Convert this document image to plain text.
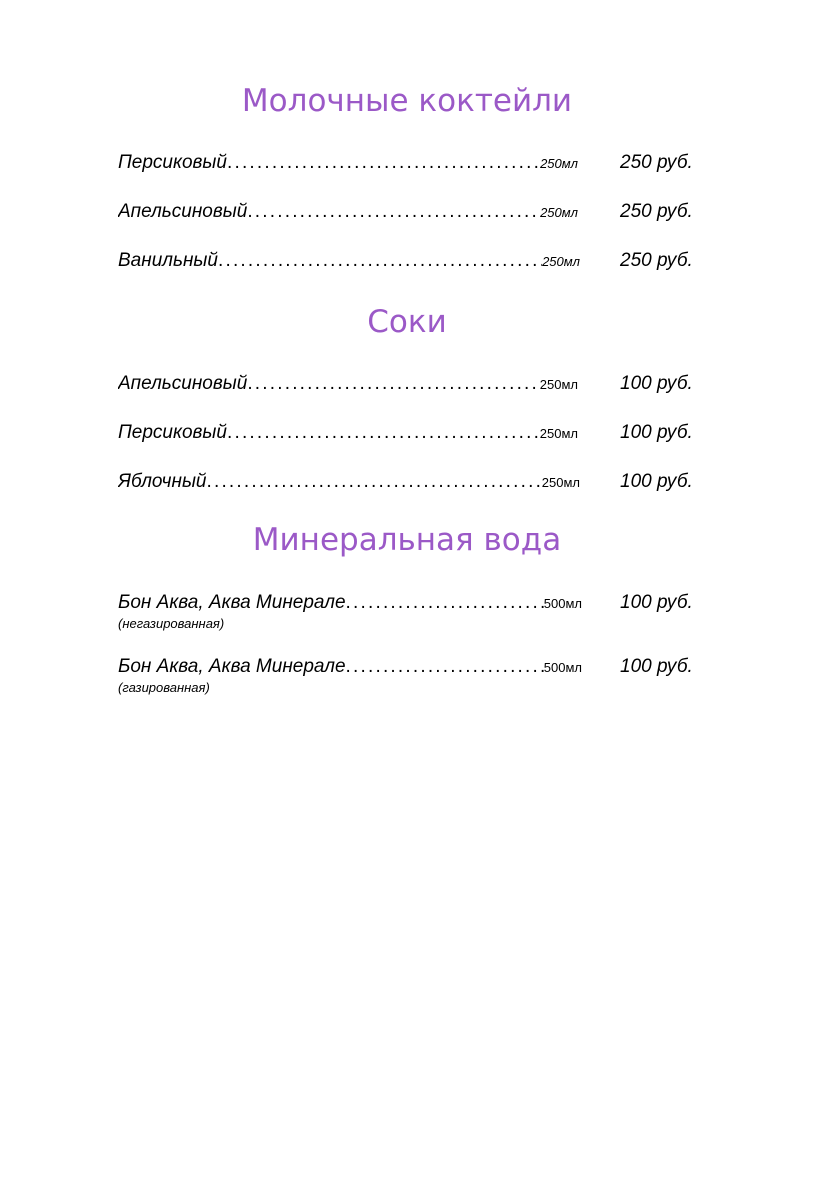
Молочные коктейли
Персиковый .....	250мл 250 руб.
Апельсиновый .....	250мл 250 руб.
Ванильный .....	250мл 250 руб.
Соки
Апельсиновый .....	250мл 100 руб.
Персиковый .....	250мл 100 руб.
Яблочный .....	250мл 100 руб.
Минеральная вода
Бон Аква, Аква Минерале .....	500мл 100 руб.
(негазированная)
Бон Аква, Аква Минерале .....	500мл 100 руб.
(газированная)
